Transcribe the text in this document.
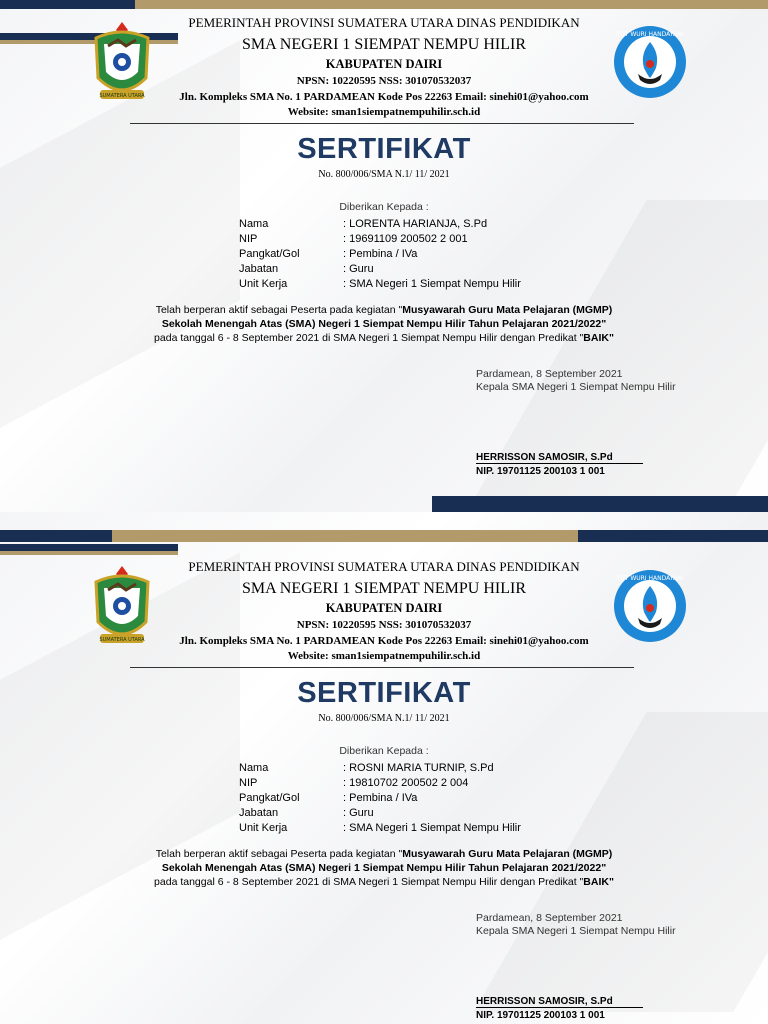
SUMATERA UTARA
TUT WURI HANDAYANI
PEMERINTAH PROVINSI SUMATERA UTARA DINAS PENDIDIKAN
SMA NEGERI 1 SIEMPAT NEMPU HILIR
KABUPATEN DAIRI
NPSN: 10220595 NSS: 301070532037
Jln. Kompleks SMA No. 1 PARDAMEAN Kode Pos 22263 Email: sinehi01@yahoo.com
Website: sman1siempatnempuhilir.sch.id
SERTIFIKAT
No. 800/006/SMA N.1/ 11/ 2021
Diberikan Kepada :
Nama	: LORENTA HARIANJA, S.Pd
NIP	: 19691109 200502 2 001
Pangkat/Gol	: Pembina / IVa
Jabatan	: Guru
Unit Kerja	: SMA Negeri 1 Siempat Nempu Hilir
Telah berperan aktif sebagai Peserta pada kegiatan "Musyawarah Guru Mata Pelajaran (MGMP)
Sekolah Menengah Atas (SMA) Negeri 1 Siempat Nempu Hilir Tahun Pelajaran 2021/2022"
pada tanggal 6 - 8 September 2021 di SMA Negeri 1 Siempat Nempu Hilir dengan Predikat "BAIK"
Pardamean, 8 September 2021
Kepala SMA Negeri 1 Siempat Nempu Hilir
HERRISSON SAMOSIR, S.Pd
NIP. 19701125 200103 1 001
SUMATERA UTARA
TUT WURI HANDAYANI
PEMERINTAH PROVINSI SUMATERA UTARA DINAS PENDIDIKAN
SMA NEGERI 1 SIEMPAT NEMPU HILIR
KABUPATEN DAIRI
NPSN: 10220595 NSS: 301070532037
Jln. Kompleks SMA No. 1 PARDAMEAN Kode Pos 22263 Email: sinehi01@yahoo.com
Website: sman1siempatnempuhilir.sch.id
SERTIFIKAT
No. 800/006/SMA N.1/ 11/ 2021
Diberikan Kepada :
Nama	: ROSNI MARIA TURNIP, S.Pd
NIP	: 19810702 200502 2 004
Pangkat/Gol	: Pembina / IVa
Jabatan	: Guru
Unit Kerja	: SMA Negeri 1 Siempat Nempu Hilir
Telah berperan aktif sebagai Peserta pada kegiatan "Musyawarah Guru Mata Pelajaran (MGMP)
Sekolah Menengah Atas (SMA) Negeri 1 Siempat Nempu Hilir Tahun Pelajaran 2021/2022"
pada tanggal 6 - 8 September 2021 di SMA Negeri 1 Siempat Nempu Hilir dengan Predikat "BAIK"
Pardamean, 8 September 2021
Kepala SMA Negeri 1 Siempat Nempu Hilir
HERRISSON SAMOSIR, S.Pd
NIP. 19701125 200103 1 001
